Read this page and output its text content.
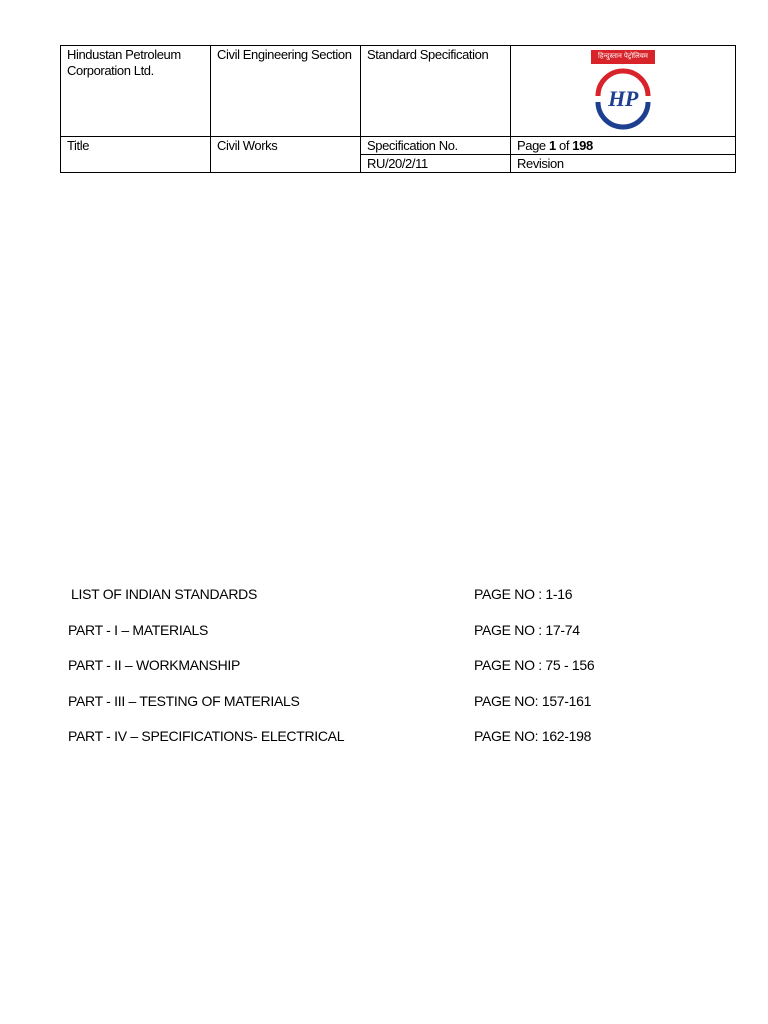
Hindustan Petroleum Corporation Ltd.	Civil Engineering Section	Standard Specification	हिन्दुस्तान पेट्रोलियम
HP

Title	Civil Works	Specification No.	Page 1 of 198
		RU/20/2/11	Revision
LIST OF INDIAN STANDARDS	PAGE NO : 1-16
PART - I – MATERIALS	PAGE NO : 17-74
PART - II – WORKMANSHIP	PAGE NO : 75 - 156
PART - III – TESTING OF MATERIALS	PAGE NO: 157-161
PART - IV – SPECIFICATIONS- ELECTRICAL	PAGE NO: 162-198
